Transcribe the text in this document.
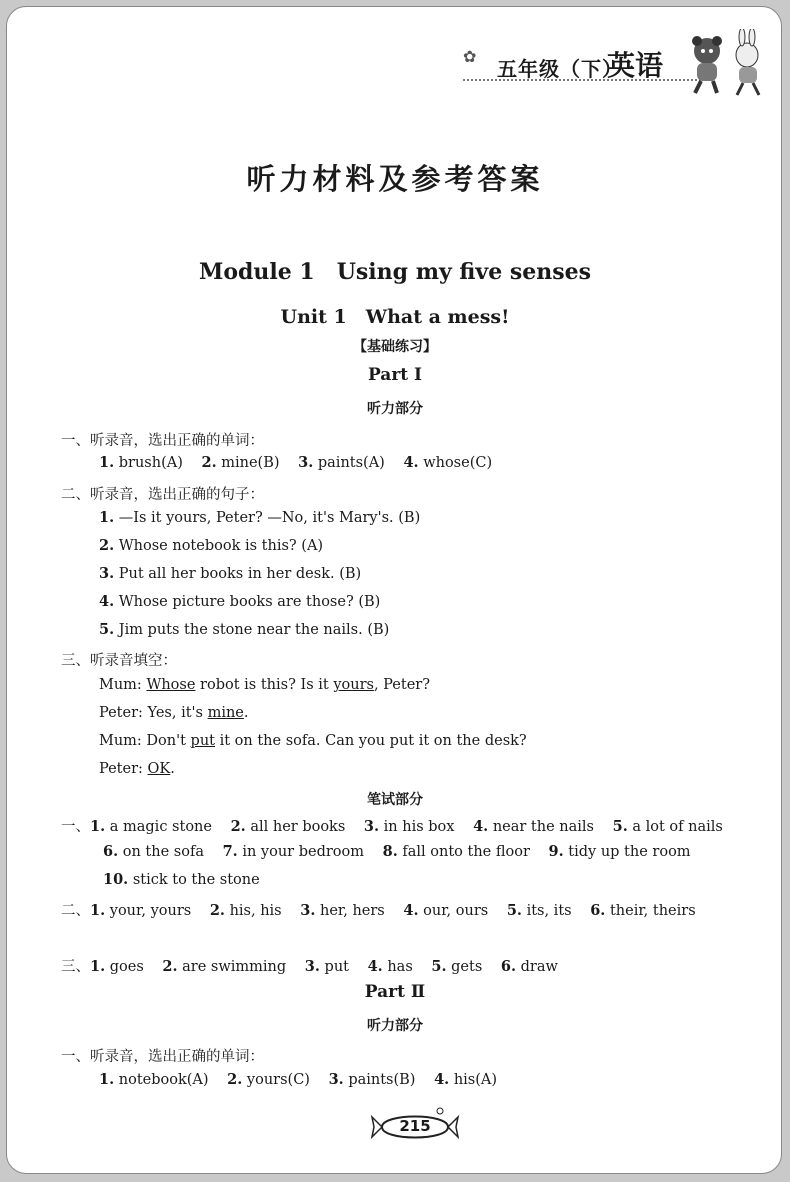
✿
五年级（下）
英语
听力材料及参考答案
Module 1　Using my five senses
Unit 1　What a mess!
【基础练习】
Part Ⅰ
听力部分
一、听录音，选出正确的单词：
1. brush(A) 2. mine(B) 3. paints(A) 4. whose(C)
二、听录音，选出正确的句子：
1. —Is it yours, Peter? —No, it's Mary's. (B)
2. Whose notebook is this? (A)
3. Put all her books in her desk. (B)
4. Whose picture books are those? (B)
5. Jim puts the stone near the nails. (B)
三、听录音填空：
Mum: Whose robot is this? Is it yours, Peter?
Peter: Yes, it's mine.
Mum: Don't put it on the sofa. Can you put it on the desk?
Peter: OK.
笔试部分
一、1. a magic stone 2. all her books 3. in his box 4. near the nails 5. a lot of nails
6. on the sofa 7. in your bedroom 8. fall onto the floor 9. tidy up the room
10. stick to the stone
二、1. your, yours 2. his, his 3. her, hers 4. our, ours 5. its, its 6. their, theirs
三、1. goes 2. are swimming 3. put 4. has 5. gets 6. draw
Part Ⅱ
听力部分
一、听录音，选出正确的单词：
1. notebook(A) 2. yours(C) 3. paints(B) 4. his(A)
215
